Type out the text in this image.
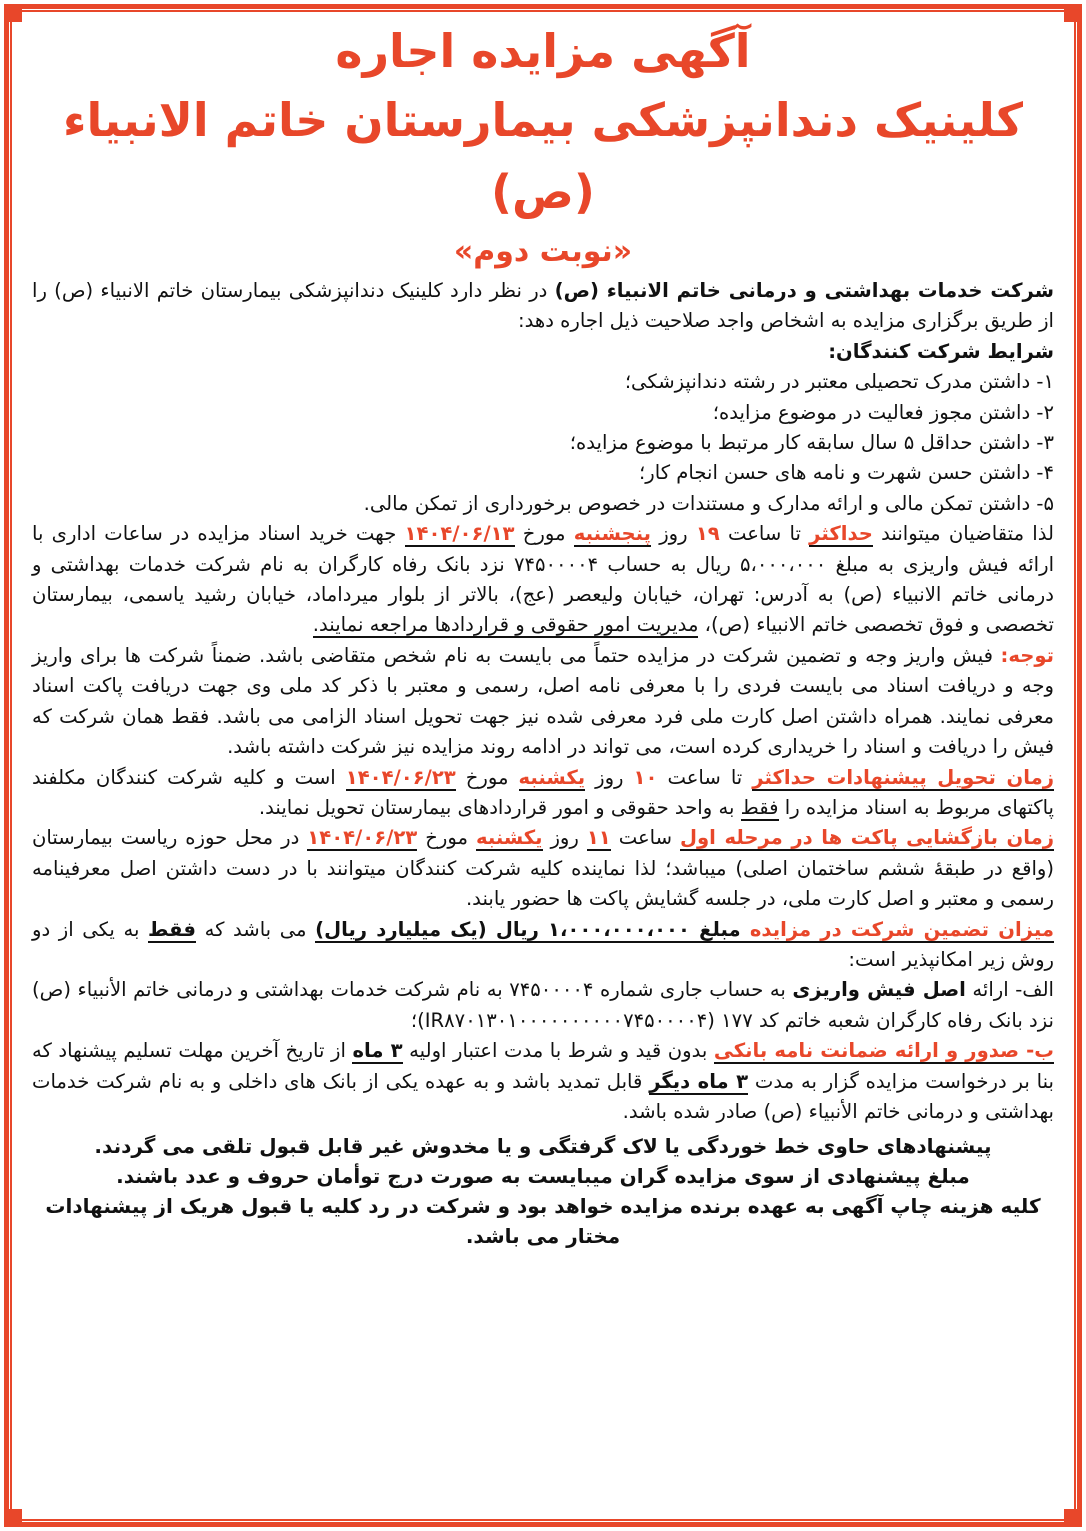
آگهی مزایده اجاره
کلینیک دندانپزشکی بیمارستان خاتم الانبیاء (ص)
«نوبت دوم»

شرکت خدمات بهداشتی و درمانی خاتم الانبیاء (ص) در نظر دارد کلینیک دندانپزشکی بیمارستان خاتم الانبیاء (ص) را از طریق برگزاری مزایده به اشخاص واجد صلاحیت ذیل اجاره دهد:

شرایط شرکت کنندگان:

۱- داشتن مدرک تحصیلی معتبر در رشته دندانپزشکی؛

۲- داشتن مجوز فعالیت در موضوع مزایده؛

۳- داشتن حداقل ۵ سال سابقه کار مرتبط با موضوع مزایده؛

۴- داشتن حسن شهرت و نامه های حسن انجام کار؛

۵- داشتن تمکن مالی و ارائه مدارک و مستندات در خصوص برخورداری از تمکن مالی.

لذا متقاضیان میتوانند حداکثر تا ساعت ۱۹ روز پنجشنبه مورخ ۱۴۰۴/۰۶/۱۳ جهت خرید اسناد مزایده در ساعات اداری با ارائه فیش واریزی به مبلغ ۵،۰۰۰،۰۰۰ ریال به حساب ۷۴۵۰۰۰۰۴ نزد بانک رفاه کارگران به نام شرکت خدمات بهداشتی و درمانی خاتم الانبیاء (ص) به آدرس: تهران، خیابان ولیعصر (عج)، بالاتر از بلوار میرداماد، خیابان رشید یاسمی، بیمارستان تخصصی و فوق تخصصی خاتم الانبیاء (ص)، مدیریت امور حقوقی و قراردادها مراجعه نمایند.

توجه: فیش واریز وجه و تضمین شرکت در مزایده حتماً می بایست به نام شخص متقاضی باشد. ضمناً شرکت ها برای واریز وجه و دریافت اسناد می بایست فردی را با معرفی نامه اصل، رسمی و معتبر با ذکر کد ملی وی جهت دریافت پاکت اسناد معرفی نمایند. همراه داشتن اصل کارت ملی فرد معرفی شده نیز جهت تحویل اسناد الزامی می باشد. فقط همان شرکت که فیش را دریافت و اسناد را خریداری کرده است، می تواند در ادامه روند مزایده نیز شرکت داشته باشد.

زمان تحویل پیشنهادات حداکثر تا ساعت ۱۰ روز یکشنبه مورخ ۱۴۰۴/۰۶/۲۳ است و کلیه شرکت کنندگان مکلفند پاکتهای مربوط به اسناد مزایده را فقط به واحد حقوقی و امور قراردادهای بیمارستان تحویل نمایند.

زمان بازگشایی پاکت ها در مرحله اول ساعت ۱۱ روز یکشنبه مورخ ۱۴۰۴/۰۶/۲۳ در محل حوزه ریاست بیمارستان (واقع در طبقهٔ ششم ساختمان اصلی) میباشد؛ لذا نماینده کلیه شرکت کنندگان میتوانند با در دست داشتن اصل معرفینامه رسمی و معتبر و اصل کارت ملی، در جلسه گشایش پاکت ها حضور یابند.

میزان تضمین شرکت در مزایده مبلغ ۱،۰۰۰،۰۰۰،۰۰۰ ریال (یک میلیارد ریال) می باشد که فقط به یکی از دو روش زیر امکانپذیر است:

الف- ارائه اصل فیش واریزی به حساب جاری شماره ۷۴۵۰۰۰۰۴ به نام شرکت خدمات بهداشتی و درمانی خاتم الأنبیاء (ص) نزد بانک رفاه کارگران شعبه خاتم کد ۱۷۷ (IR۸۷۰۱۳۰۱۰۰۰۰۰۰۰۰۰۰۷۴۵۰۰۰۰۴)؛

ب- صدور و ارائه ضمانت نامه بانکی بدون قید و شرط با مدت اعتبار اولیه ۳ ماه از تاریخ آخرین مهلت تسلیم پیشنهاد که بنا بر درخواست مزایده گزار به مدت ۳ ماه دیگر قابل تمدید باشد و به عهده یکی از بانک های داخلی و به نام شرکت خدمات بهداشتی و درمانی خاتم الأنبیاء (ص) صادر شده باشد.

پیشنهادهای حاوی خط خوردگی یا لاک گرفتگی و یا مخدوش غیر قابل قبول تلقی می گردند.

مبلغ پیشنهادی از سوی مزایده گران میبایست به صورت درج توأمان حروف و عدد باشند.

کلیه هزینه چاپ آگهی به عهده برنده مزایده خواهد بود و شرکت در رد کلیه یا قبول هریک از پیشنهادات مختار می باشد.
